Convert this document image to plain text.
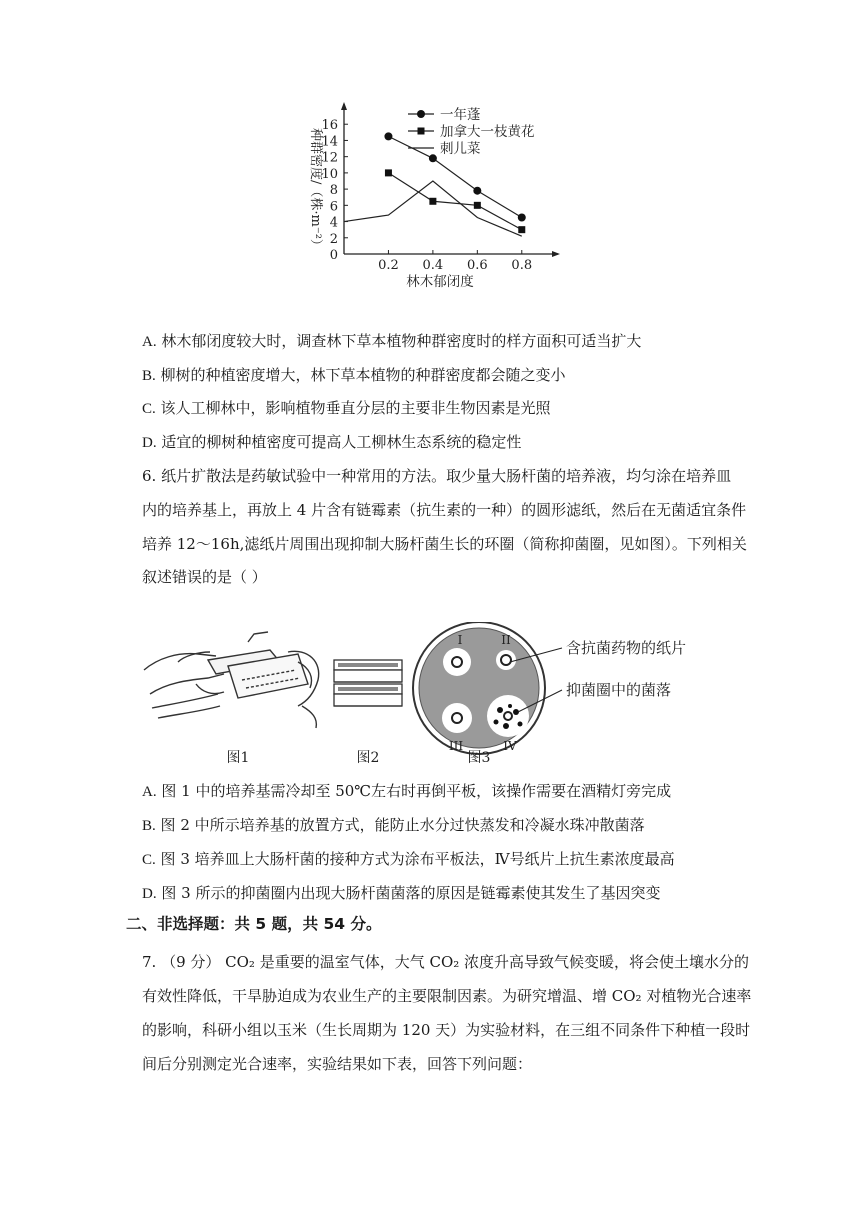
0
2
4
6
8
10
12
14
16
0.2 0.4 0.6 0.8
林木郁闭度
种群密度/（株·m⁻²）
一年蓬
加拿大一枝黄花
刺儿菜
A. 林木郁闭度较大时，调查林下草本植物种群密度时的样方面积可适当扩大
B. 柳树的种植密度增大，林下草本植物的种群密度都会随之变小
C. 该人工柳林中，影响植物垂直分层的主要非生物因素是光照
D. 适宜的柳树种植密度可提高人工柳林生态系统的稳定性
6. 纸片扩散法是药敏试验中一种常用的方法。取少量大肠杆菌的培养液，均匀涂在培养皿
内的培养基上，再放上 4 片含有链霉素（抗生素的一种）的圆形滤纸，然后在无菌适宜条件
培养 12～16h,滤纸片周围出现抑制大肠杆菌生长的环圈（简称抑菌圈，见如图）。下列相关
叙述错误的是（ ）
图1	图2	图3
I	II
III	IV
含抗菌药物的纸片
抑菌圈中的菌落
A. 图 1 中的培养基需冷却至 50℃左右时再倒平板，该操作需要在酒精灯旁完成
B. 图 2 中所示培养基的放置方式，能防止水分过快蒸发和冷凝水珠冲散菌落
C. 图 3 培养皿上大肠杆菌的接种方式为涂布平板法，Ⅳ号纸片上抗生素浓度最高
D. 图 3 所示的抑菌圈内出现大肠杆菌菌落的原因是链霉素使其发生了基因突变
二、非选择题：共 5 题，共 54 分。
7. （9 分） CO₂ 是重要的温室气体，大气 CO₂ 浓度升高导致气候变暖，将会使土壤水分的
有效性降低，干旱胁迫成为农业生产的主要限制因素。为研究增温、增 CO₂ 对植物光合速率
的影响，科研小组以玉米（生长周期为 120 天）为实验材料，在三组不同条件下种植一段时
间后分别测定光合速率，实验结果如下表，回答下列问题：
